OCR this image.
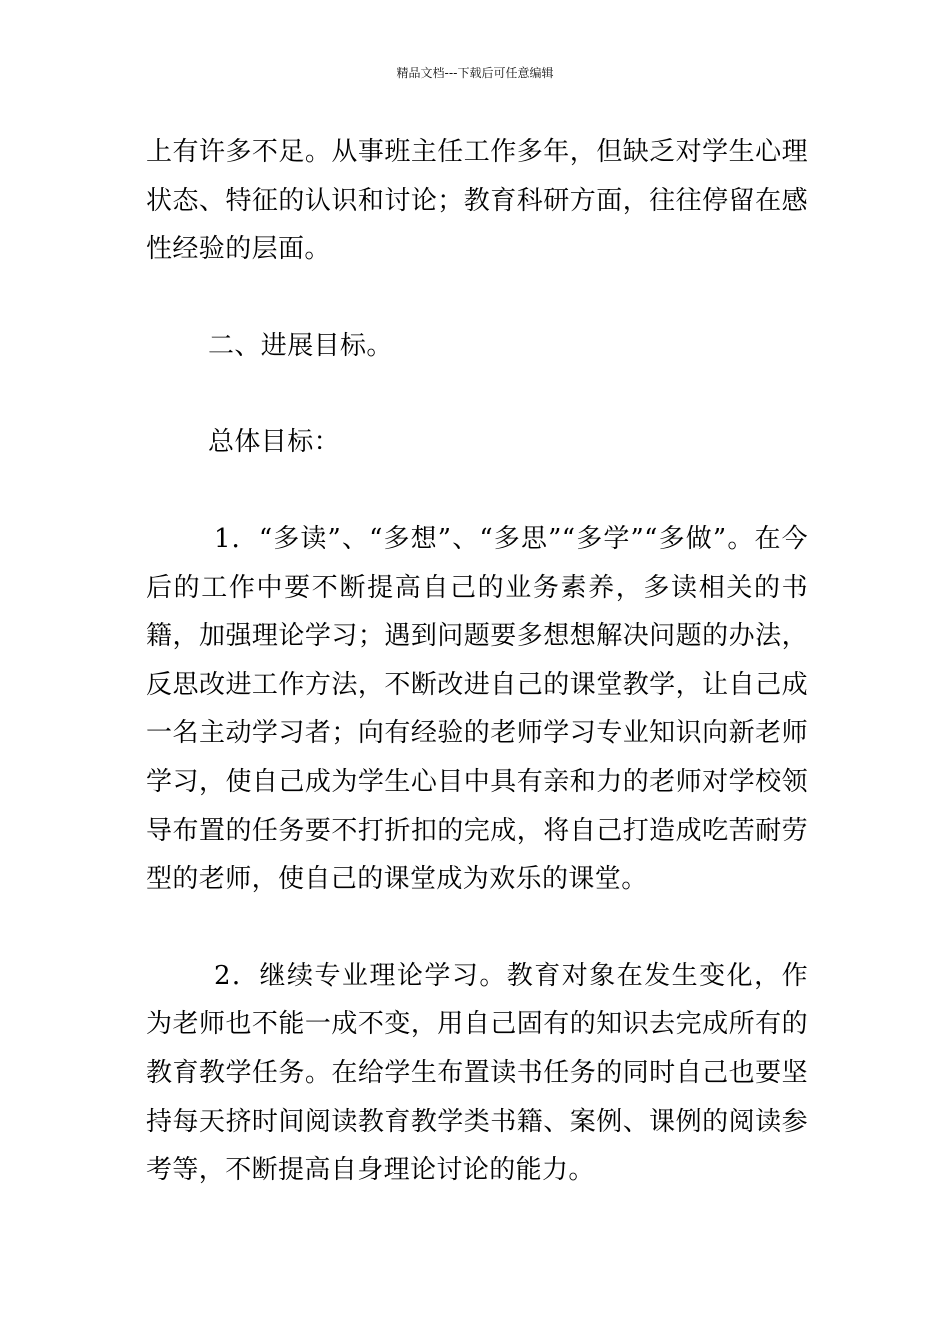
精品文档---下载后可任意编辑

上有许多不足。从事班主任工作多年，但缺乏对学生心理状态、特征的认识和讨论；教育科研方面，往往停留在感性经验的层面。

二、进展目标。

总体目标：

1．“多读”、“多想”、“多思”“多学”“多做”。在今后的工作中要不断提高自己的业务素养，多读相关的书籍，加强理论学习；遇到问题要多想想解决问题的办法，反思改进工作方法，不断改进自己的课堂教学，让自己成一名主动学习者；向有经验的老师学习专业知识向新老师学习，使自己成为学生心目中具有亲和力的老师对学校领导布置的任务要不打折扣的完成，将自己打造成吃苦耐劳型的老师，使自己的课堂成为欢乐的课堂。

2．继续专业理论学习。教育对象在发生变化，作为老师也不能一成不变，用自己固有的知识去完成所有的教育教学任务。在给学生布置读书任务的同时自己也要坚持每天挤时间阅读教育教学类书籍、案例、课例的阅读参考等，不断提高自身理论讨论的能力。
